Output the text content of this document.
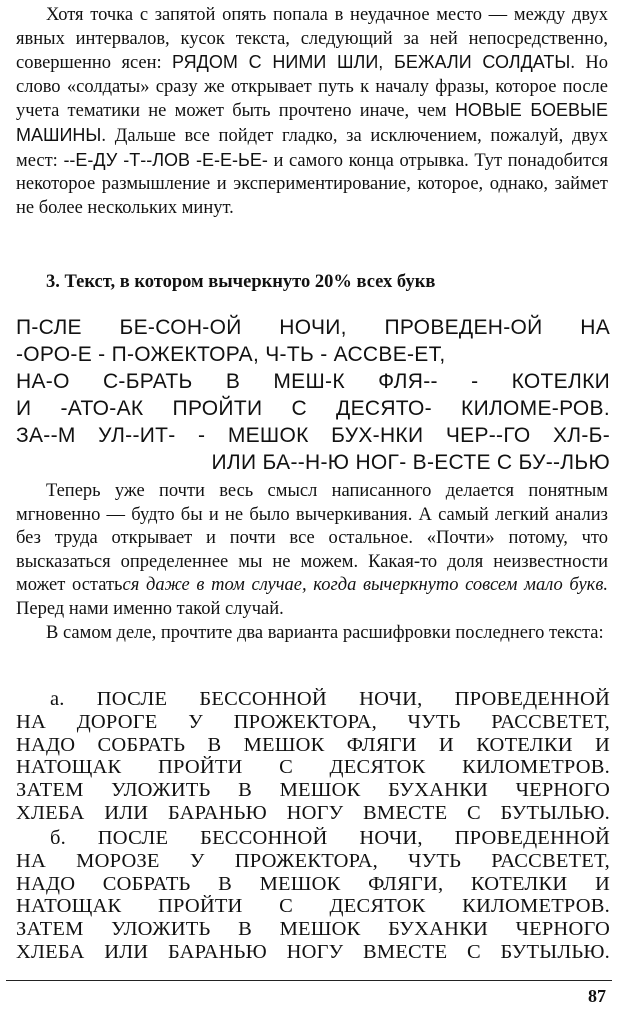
Хотя точка с запятой опять попала в неудачное место — между двух явных интервалов, кусок текста, следующий за ней непосредственно, совершенно ясен: РЯДОМ С НИМИ ШЛИ, БЕЖАЛИ СОЛДАТЫ. Но слово «солдаты» сразу же открывает путь к началу фразы, которое после учета тематики не может быть прочтено иначе, чем НОВЫЕ БОЕВЫЕ МАШИНЫ. Дальше все пойдет гладко, за исключением, пожалуй, двух мест: --Е-ДУ -Т--ЛОВ -Е-Е-ЬЕ- и самого конца отрывка. Тут понадобится некоторое размышление и экспериментирование, которое, однако, займет не более нескольких минут.

3. Текст, в котором вычеркнуто 20% всех букв
П-СЛЕ БЕ-СОН-ОЙ НОЧИ, ПРОВЕДЕН-ОЙ НА
-ОРО-Е - П-ОЖЕКТОРА, Ч-ТЬ - АССВЕ-ЕТ,
НА-О С-БРАТЬ В МЕШ-К ФЛЯ-- - КОТЕЛКИ
И -АТО-АК ПРОЙТИ С ДЕСЯТО- КИЛОМЕ-РОВ.
ЗА--М УЛ--ИТ- - МЕШОК БУХ-НКИ ЧЕР--ГО ХЛ-Б-
ИЛИ БА--Н-Ю НОГ- В-ЕСТЕ С БУ--ЛЬЮ

Теперь уже почти весь смысл написанного делается понятным мгновенно — будто бы и не было вычеркивания. А самый легкий анализ без труда открывает и почти все остальное. «Почти» потому, что высказаться определеннее мы не можем. Какая-то доля неизвестности может остаться даже в том случае, когда вычеркнуто совсем мало букв. Перед нами именно такой случай.

В самом деле, прочтите два варианта расшифровки последнего текста:

а. ПОСЛЕ БЕССОННОЙ НОЧИ, ПРОВЕДЕННОЙ
НА ДОРОГЕ У ПРОЖЕКТОРА, ЧУТЬ РАССВЕТЕТ,
НАДО СОБРАТЬ В МЕШОК ФЛЯГИ И КОТЕЛКИ И
НАТОЩАК ПРОЙТИ С ДЕСЯТОК КИЛОМЕТРОВ.
ЗАТЕМ УЛОЖИТЬ В МЕШОК БУХАНКИ ЧЕРНОГО
ХЛЕБА ИЛИ БАРАНЬЮ НОГУ ВМЕСТЕ С БУТЫЛЬЮ.
б. ПОСЛЕ БЕССОННОЙ НОЧИ, ПРОВЕДЕННОЙ
НА МОРОЗЕ У ПРОЖЕКТОРА, ЧУТЬ РАССВЕТЕТ,
НАДО СОБРАТЬ В МЕШОК ФЛЯГИ, КОТЕЛКИ И
НАТОЩАК ПРОЙТИ С ДЕСЯТОК КИЛОМЕТРОВ.
ЗАТЕМ УЛОЖИТЬ В МЕШОК БУХАНКИ ЧЕРНОГО
ХЛЕБА ИЛИ БАРАНЬЮ НОГУ ВМЕСТЕ С БУТЫЛЬЮ.
87
